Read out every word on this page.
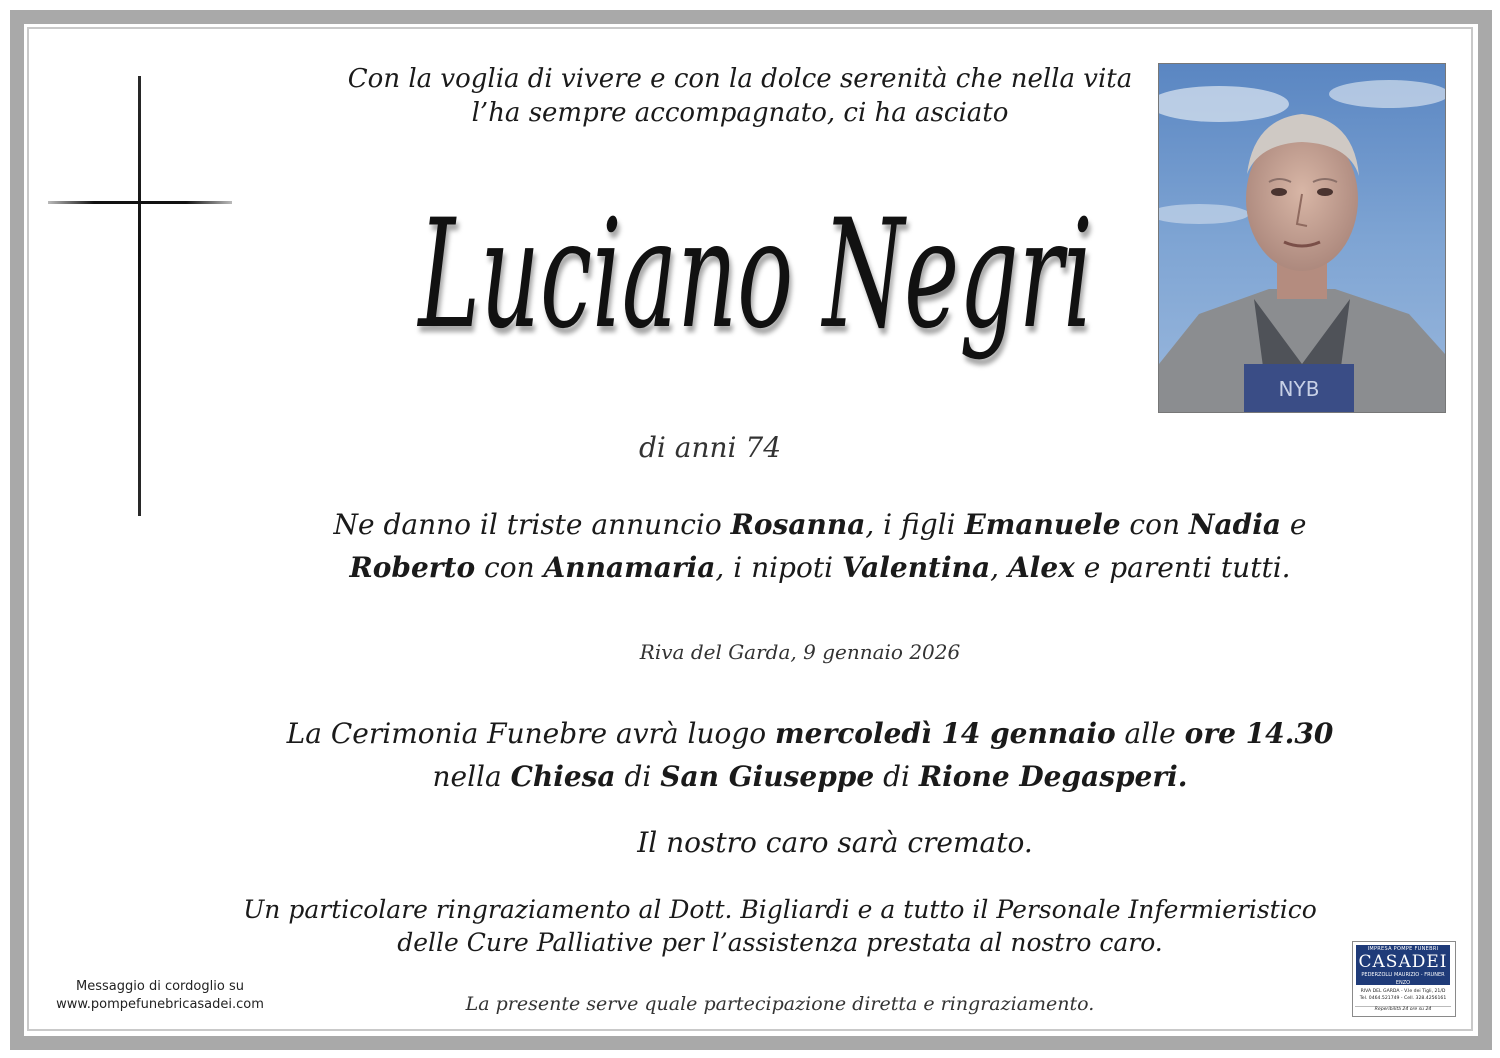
Con la voglia di vivere e con la dolce serenità che nella vita
l’ha sempre accompagnato, ci ha asciato
Luciano Negri
NYB
di anni 74
Ne danno il triste annuncio Rosanna, i figli Emanuele con Nadia e
Roberto con Annamaria, i nipoti Valentina, Alex e parenti tutti.
Riva del Garda, 9 gennaio 2026
La Cerimonia Funebre avrà luogo mercoledì 14 gennaio alle ore 14.30
nella Chiesa di San Giuseppe di Rione Degasperi.
Il nostro caro sarà cremato.
Un particolare ringraziamento al Dott. Bigliardi e a tutto il Personale Infermieristico
delle Cure Palliative per l’assistenza prestata al nostro caro.
La presente serve quale partecipazione diretta e ringraziamento.
Messaggio di cordoglio su
www.pompefunebricasadei.com
IMPRESA POMPE FUNEBRI
CASADEI
PEDERZOLLI MAURIZIO - FRUNER ENZO
RIVA DEL GARDA - V.le dei Tigli, 21/D
Tel. 0464.521749 - Cell. 328.4256161
Reperibilità 24 ore su 24
